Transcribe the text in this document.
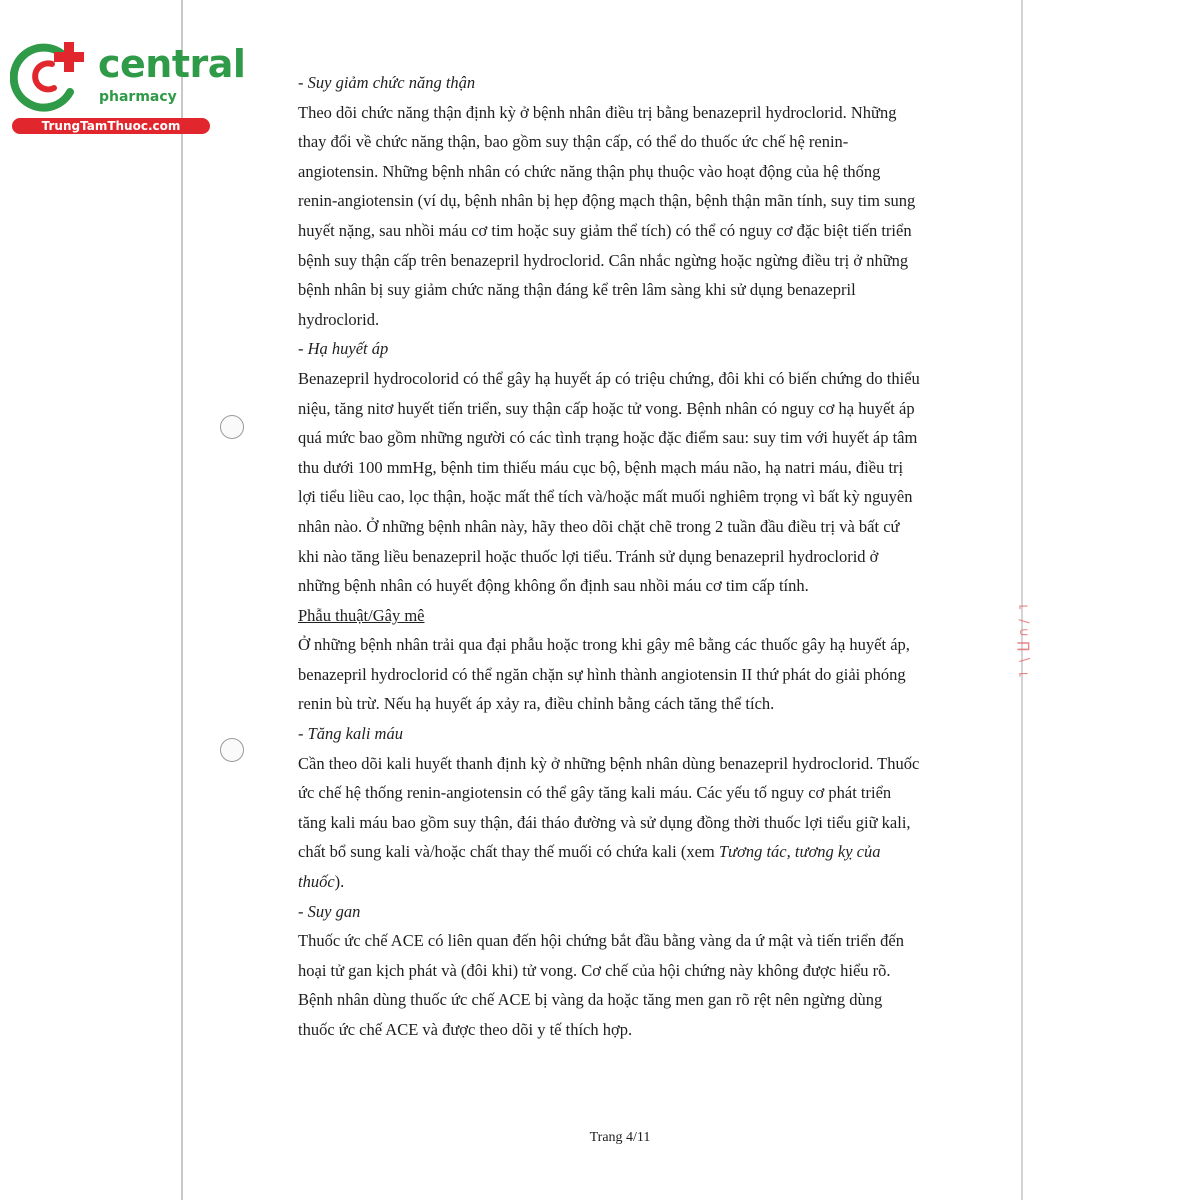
⌐ ∕ ∪ ∏ ∖ ⌐
central
pharmacy
TrungTamThuoc.com

- Suy giảm chức năng thận

Theo dõi chức năng thận định kỳ ở bệnh nhân điều trị bằng benazepril hydroclorid. Những
thay đổi về chức năng thận, bao gồm suy thận cấp, có thể do thuốc ức chế hệ renin-
angiotensin. Những bệnh nhân có chức năng thận phụ thuộc vào hoạt động của hệ thống
renin-angiotensin (ví dụ, bệnh nhân bị hẹp động mạch thận, bệnh thận mãn tính, suy tim sung
huyết nặng, sau nhồi máu cơ tim hoặc suy giảm thể tích) có thể có nguy cơ đặc biệt tiến triển
bệnh suy thận cấp trên benazepril hydroclorid. Cân nhắc ngừng hoặc ngừng điều trị ở những
bệnh nhân bị suy giảm chức năng thận đáng kể trên lâm sàng khi sử dụng benazepril
hydroclorid.

- Hạ huyết áp

Benazepril hydrocolorid có thể gây hạ huyết áp có triệu chứng, đôi khi có biến chứng do thiểu
niệu, tăng nitơ huyết tiến triển, suy thận cấp hoặc tử vong. Bệnh nhân có nguy cơ hạ huyết áp
quá mức bao gồm những người có các tình trạng hoặc đặc điểm sau: suy tim với huyết áp tâm
thu dưới 100 mmHg, bệnh tim thiếu máu cục bộ, bệnh mạch máu não, hạ natri máu, điều trị
lợi tiểu liều cao, lọc thận, hoặc mất thể tích và/hoặc mất muối nghiêm trọng vì bất kỳ nguyên
nhân nào. Ở những bệnh nhân này, hãy theo dõi chặt chẽ trong 2 tuần đầu điều trị và bất cứ
khi nào tăng liều benazepril hoặc thuốc lợi tiểu. Tránh sử dụng benazepril hydroclorid ở
những bệnh nhân có huyết động không ổn định sau nhồi máu cơ tim cấp tính.

Phẫu thuật/Gây mê

Ở những bệnh nhân trải qua đại phẫu hoặc trong khi gây mê bằng các thuốc gây hạ huyết áp,
benazepril hydroclorid có thể ngăn chặn sự hình thành angiotensin II thứ phát do giải phóng
renin bù trừ. Nếu hạ huyết áp xảy ra, điều chỉnh bằng cách tăng thể tích.

- Tăng kali máu

Cần theo dõi kali huyết thanh định kỳ ở những bệnh nhân dùng benazepril hydroclorid. Thuốc
ức chế hệ thống renin-angiotensin có thể gây tăng kali máu. Các yếu tố nguy cơ phát triển
tăng kali máu bao gồm suy thận, đái tháo đường và sử dụng đồng thời thuốc lợi tiểu giữ kali,
chất bổ sung kali và/hoặc chất thay thế muối có chứa kali (xem Tương tác, tương kỵ của
thuốc).

- Suy gan

Thuốc ức chế ACE có liên quan đến hội chứng bắt đầu bằng vàng da ứ mật và tiến triển đến
hoại tử gan kịch phát và (đôi khi) tử vong. Cơ chế của hội chứng này không được hiểu rõ.
Bệnh nhân dùng thuốc ức chế ACE bị vàng da hoặc tăng men gan rõ rệt nên ngừng dùng
thuốc ức chế ACE và được theo dõi y tế thích hợp.

Trang 4/11
